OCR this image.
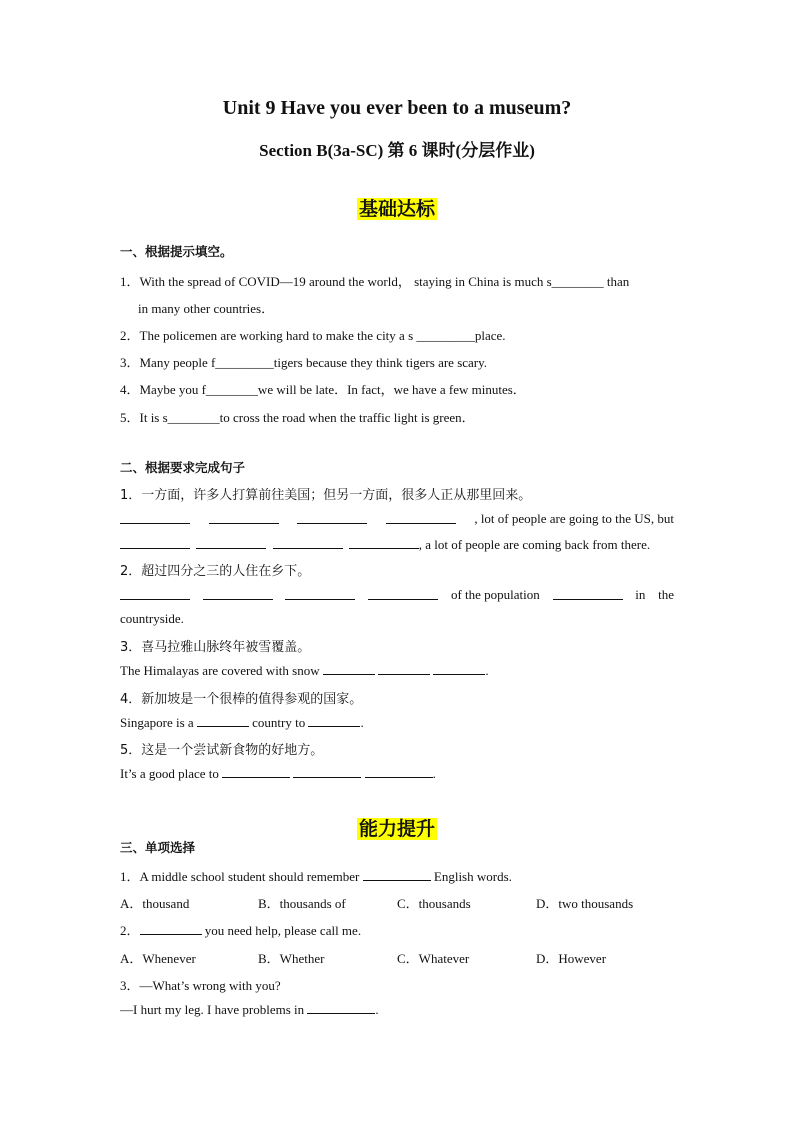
Unit 9 Have you ever been to a museum?
Section B(3a-SC) 第 6 课时(分层作业)
基础达标
一、根据提示填空。
1．With the spread of COVID—19 around the world， staying in China is much s________ than
in many other countries．
2．The policemen are working hard to make the city a s _________place.
3．Many people f_________tigers because they think tigers are scary.
4．Maybe you f________we will be late．In fact，we have a few minutes．
5．It is s________to cross the road when the traffic light is green．
二、根据要求完成句子
1．一方面，许多人打算前往美国；但另一方面，很多人正从那里回来。
, lot of people are going to the US, but
, a lot of people are coming back from there.
2．超过四分之三的人住在乡下。
of the population	in the
countryside.
3．喜马拉雅山脉终年被雪覆盖。
The Himalayas are covered with snow	.
4．新加坡是一个很棒的值得参观的国家。
Singapore is a	country to	.
5．这是一个尝试新食物的好地方。
It’s a good place to	.
能力提升
三、单项选择
1．A middle school student should remember	English words.
A．thousand	B．thousands of	C．thousands	D．two thousands
2．	you need help, please call me.
A．Whenever	B．Whether	C．Whatever	D．However
3．—What’s wrong with you?
—I hurt my leg. I have problems in	.
